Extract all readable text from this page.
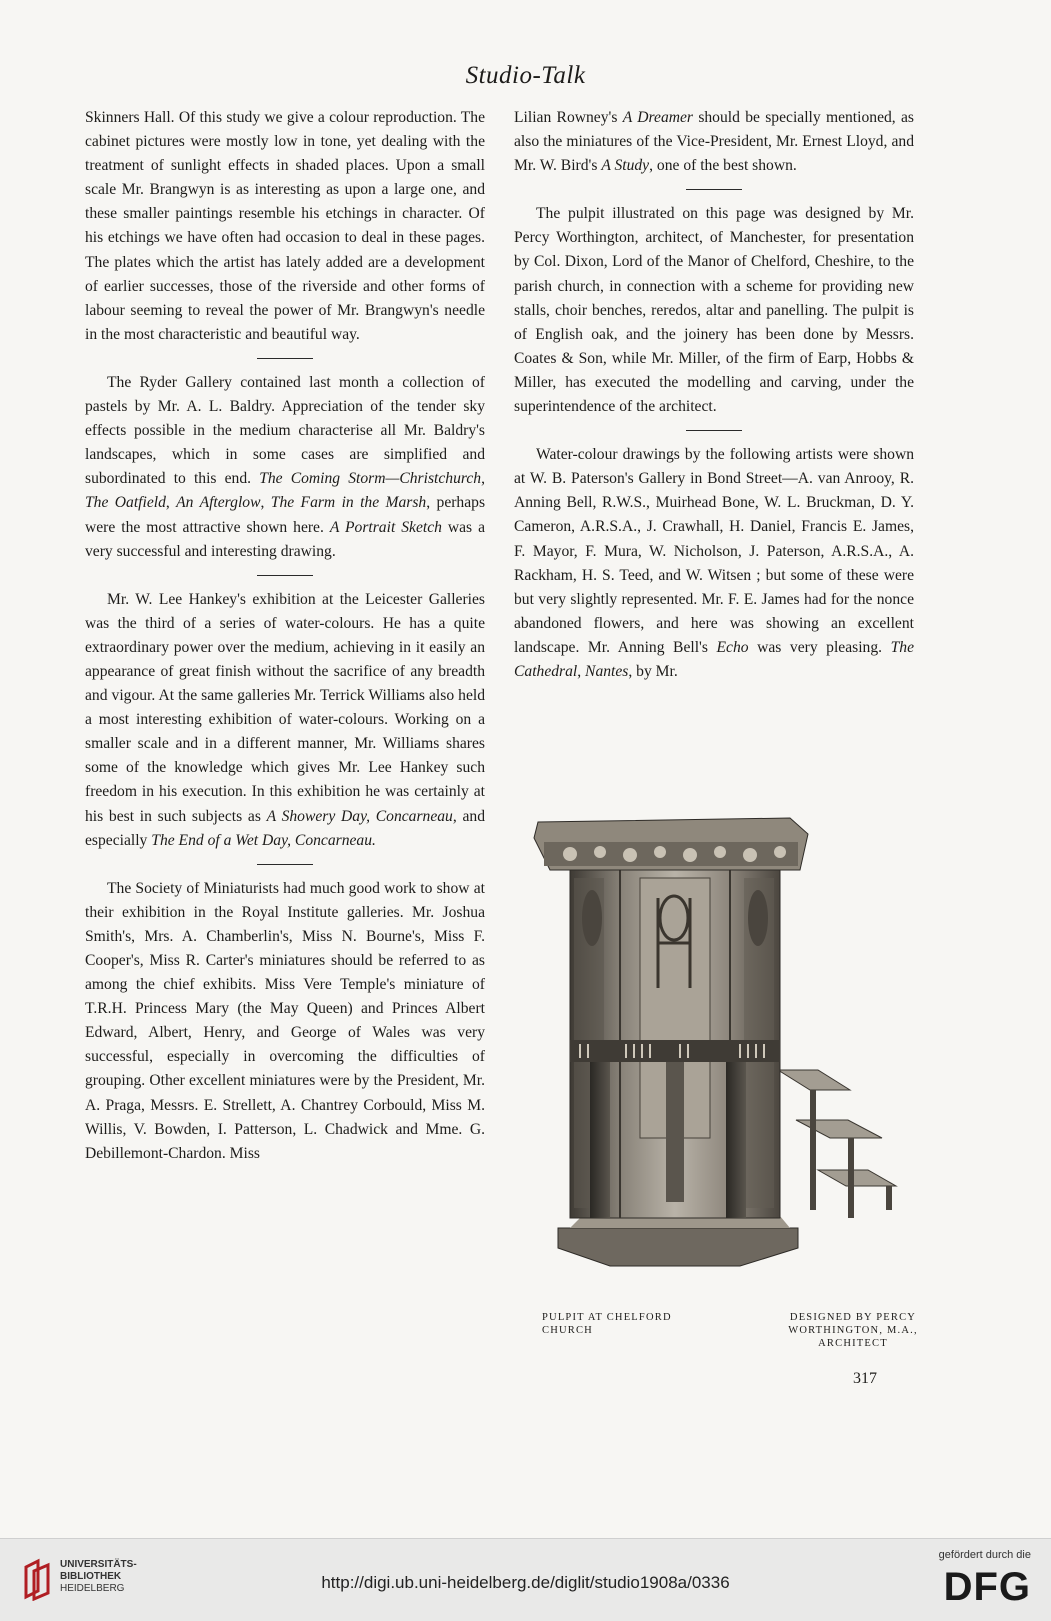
Studio-Talk

Skinners Hall. Of this study we give a colour reproduction. The cabinet pictures were mostly low in tone, yet dealing with the treatment of sunlight effects in shaded places. Upon a small scale Mr. Brangwyn is as interesting as upon a large one, and these smaller paintings resemble his etchings in character. Of his etchings we have often had occasion to deal in these pages. The plates which the artist has lately added are a development of earlier successes, those of the riverside and other forms of labour seeming to reveal the power of Mr. Brangwyn's needle in the most characteristic and beautiful way.

The Ryder Gallery contained last month a collection of pastels by Mr. A. L. Baldry. Appreciation of the tender sky effects possible in the medium characterise all Mr. Baldry's landscapes, which in some cases are simplified and subordinated to this end. The Coming Storm—Christchurch, The Oatfield, An Afterglow, The Farm in the Marsh, perhaps were the most attractive shown here. A Portrait Sketch was a very successful and interesting drawing.

Mr. W. Lee Hankey's exhibition at the Leicester Galleries was the third of a series of water-colours. He has a quite extraordinary power over the medium, achieving in it easily an appearance of great finish without the sacrifice of any breadth and vigour. At the same galleries Mr. Terrick Williams also held a most interesting exhibition of water-colours. Working on a smaller scale and in a different manner, Mr. Williams shares some of the knowledge which gives Mr. Lee Hankey such freedom in his execution. In this exhibition he was certainly at his best in such subjects as A Showery Day, Concarneau, and especially The End of a Wet Day, Concarneau.

The Society of Miniaturists had much good work to show at their exhibition in the Royal Institute galleries. Mr. Joshua Smith's, Mrs. A. Chamberlin's, Miss N. Bourne's, Miss F. Cooper's, Miss R. Carter's miniatures should be referred to as among the chief exhibits. Miss Vere Temple's miniature of T.R.H. Princess Mary (the May Queen) and Princes Albert Edward, Albert, Henry, and George of Wales was very successful, especially in overcoming the difficulties of grouping. Other excellent miniatures were by the President, Mr. A. Praga, Messrs. E. Strellett, A. Chantrey Corbould, Miss M. Willis, V. Bowden, I. Patterson, L. Chadwick and Mme. G. Debillemont-Chardon. Miss

Lilian Rowney's A Dreamer should be specially mentioned, as also the miniatures of the Vice-President, Mr. Ernest Lloyd, and Mr. W. Bird's A Study, one of the best shown.

The pulpit illustrated on this page was designed by Mr. Percy Worthington, architect, of Manchester, for presentation by Col. Dixon, Lord of the Manor of Chelford, Cheshire, to the parish church, in connection with a scheme for providing new stalls, choir benches, reredos, altar and panelling. The pulpit is of English oak, and the joinery has been done by Messrs. Coates & Son, while Mr. Miller, of the firm of Earp, Hobbs & Miller, has executed the modelling and carving, under the superintendence of the architect.

Water-colour drawings by the following artists were shown at W. B. Paterson's Gallery in Bond Street—A. van Anrooy, R. Anning Bell, R.W.S., Muirhead Bone, W. L. Bruckman, D. Y. Cameron, A.R.S.A., J. Crawhall, H. Daniel, Francis E. James, F. Mayor, F. Mura, W. Nicholson, J. Paterson, A.R.S.A., A. Rackham, H. S. Teed, and W. Witsen ; but some of these were but very slightly represented. Mr. F. E. James had for the nonce abandoned flowers, and here was showing an excellent landscape. Mr. Anning Bell's Echo was very pleasing. The Cathedral, Nantes, by Mr.

PULPIT AT CHELFORD CHURCH
DESIGNED BY PERCY WORTHINGTON, M.A., ARCHITECT
317
UNIVERSITÄTS-
BIBLIOTHEK
HEIDELBERG	http://digi.ub.uni-heidelberg.de/diglit/studio1908a/0336
gefördert durch die
DFG
